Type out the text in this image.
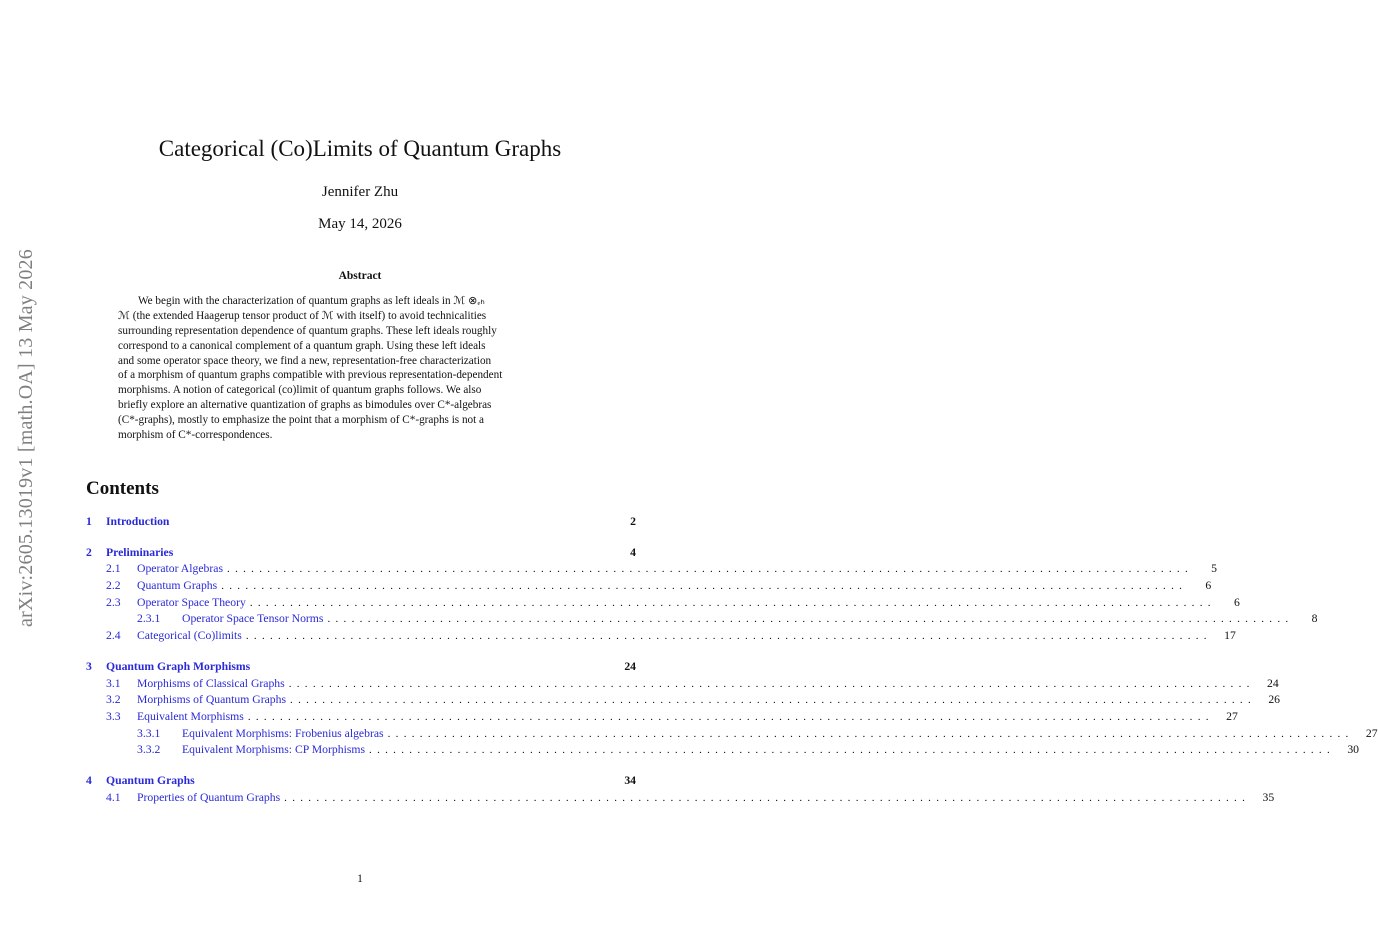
arXiv:2605.13019v1 [math.OA] 13 May 2026
Categorical (Co)Limits of Quantum Graphs
Jennifer Zhu
May 14, 2026
Abstract
We begin with the characterization of quantum graphs as left ideals in ℳ ⊗ₑₕ
ℳ (the extended Haagerup tensor product of ℳ with itself) to avoid technicalities
surrounding representation dependence of quantum graphs. These left ideals roughly
correspond to a canonical complement of a quantum graph. Using these left ideals
and some operator space theory, we find a new, representation-free characterization
of a morphism of quantum graphs compatible with previous representation-dependent
morphisms. A notion of categorical (co)limit of quantum graphs follows. We also
briefly explore an alternative quantization of graphs as bimodules over C*-algebras
(C*-graphs), mostly to emphasize the point that a morphism of C*-graphs is not a
morphism of C*-correspondences.
Contents
1	Introduction	2
2	Preliminaries	4
2.1	Operator Algebras ........................................................................................................................	5
2.2	Quantum Graphs ........................................................................................................................	6
2.3	Operator Space Theory ........................................................................................................................	6
2.3.1	Operator Space Tensor Norms ........................................................................................................................	8
2.4	Categorical (Co)limits ........................................................................................................................	17
3	Quantum Graph Morphisms	24
3.1	Morphisms of Classical Graphs ........................................................................................................................	24
3.2	Morphisms of Quantum Graphs ........................................................................................................................	26
3.3	Equivalent Morphisms ........................................................................................................................	27
3.3.1	Equivalent Morphisms: Frobenius algebras ........................................................................................................................	27
3.3.2	Equivalent Morphisms: CP Morphisms ........................................................................................................................	30
4	Quantum Graphs	34
4.1	Properties of Quantum Graphs ........................................................................................................................	35
1
